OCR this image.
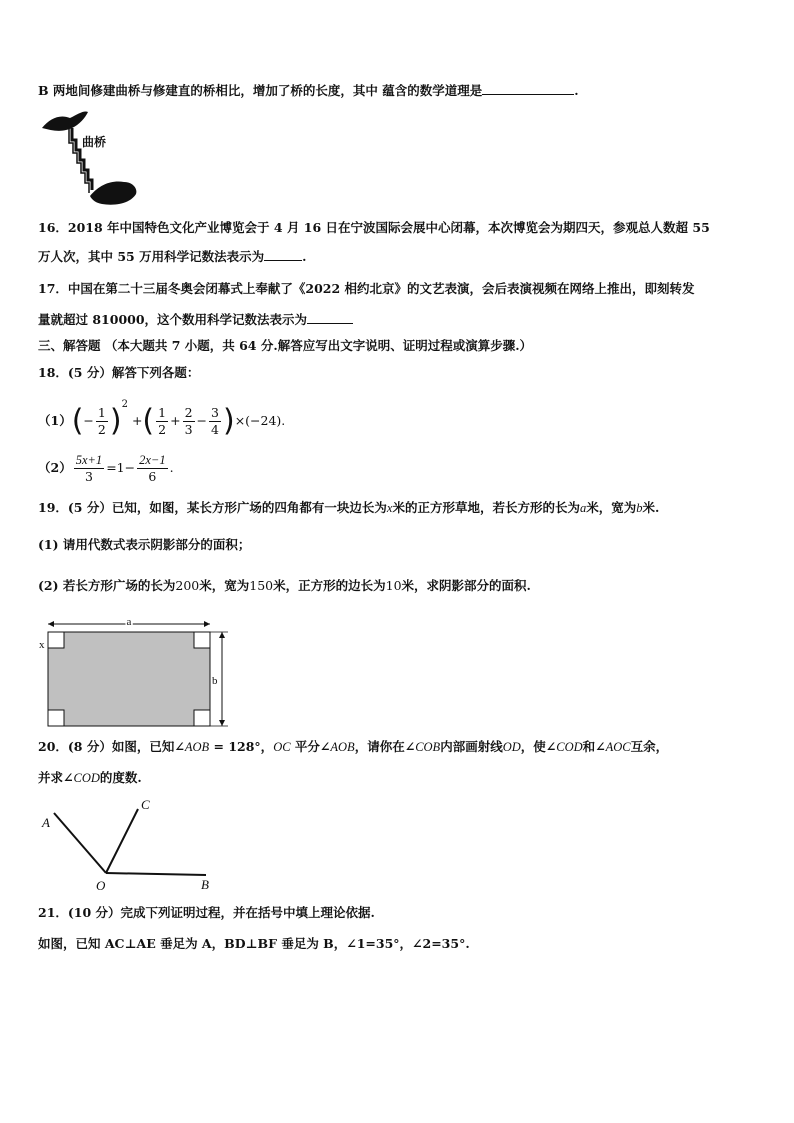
B 两地间修建曲桥与修建直的桥相比，增加了桥的长度，其中 蕴含的数学道理是	.
曲桥
16．2018 年中国特色文化产业博览会于 4 月 16 日在宁波国际会展中心闭幕，本次博览会为期四天，参观总人数超 55
万人次，其中 55 万用科学记数法表示为	.
17．中国在第二十三届冬奥会闭幕式上奉献了《2022 相约北京》的文艺表演，会后表演视频在网络上推出，即刻转发
量就超过 810000，这个数用科学记数法表示为
三、解答题 （本大题共 7 小题，共 64 分.解答应写出文字说明、证明过程或演算步骤.）
18．(5 分）解答下列各题：
$(1)(- \frac{1}{2} )^2$ +( $\frac{1}{2} + \frac{2}{3} - \frac{3}{4} )\times(-24)$.
$(2) \frac{5x+1}{3} =1- \frac{2x-1}{6}$ .
19．(5 分）已知，如图，某长方形广场的四角都有一块边长为x米的正方形草地，若长方形的长为a米，宽为b米.
(1) 请用代数式表示阴影部分的面积；
(2) 若长方形广场的长为200米，宽为150米，正方形的边长为10米，求阴影部分的面积.
a
x
b
20．(8 分）如图，已知∠AOB = 128°，OC 平分∠AOB，请你在∠COB内部画射线OD，使∠COD和∠AOC互余，
并求∠COD的度数.
A
C
O	B
21．(10 分）完成下列证明过程，并在括号中填上理论依据.
如图，已知 AC⊥AE 垂足为 A，BD⊥BF 垂足为 B，∠1=35°，∠2=35°.
